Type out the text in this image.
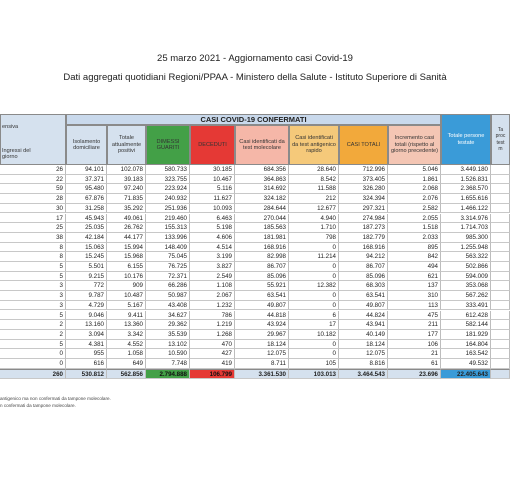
25 marzo 2021 - Aggiornamento casi Covid-19
Dati aggregati quotidiani Regioni/PPAA - Ministero della Salute - Istituto Superiore di Sanità
ensiva
Ingressi del giorno
CASI COVID-19 CONFERMATI
Isolamento domiciliare
Totale attualmente positivi
DIMESSI GUARITI
DECEDUTI
Casi identificati da test molecolare
Casi identificati da test antigenico rapido
CASI TOTALI
Incremento casi totali (rispetto al giorno precedente)
Totale persone testate
Ta proc test m
26	94.101	102.078	580.733	30.185	684.356	28.640	712.996	5.046	3.449.180
22	37.371	39.183	323.755	10.467	364.863	8.542	373.405	1.861	1.526.831
59	95.480	97.240	223.924	5.116	314.692	11.588	326.280	2.068	2.368.570
28	67.876	71.835	240.932	11.627	324.182	212	324.394	2.076	1.655.616
30	31.258	35.292	251.936	10.093	284.644	12.677	297.321	2.582	1.466.122
17	45.943	49.061	219.460	6.463	270.044	4.940	274.984	2.055	3.314.976
25	25.035	26.762	155.313	5.198	185.563	1.710	187.273	1.518	1.714.703
38	42.184	44.177	133.996	4.606	181.981	798	182.779	2.033	985.300
8	15.063	15.994	148.409	4.514	168.916	0	168.916	895	1.255.948
8	15.245	15.968	75.045	3.199	82.998	11.214	94.212	842	563.322
5	5.501	6.155	76.725	3.827	86.707	0	86.707	494	502.866
5	9.215	10.176	72.371	2.549	85.096	0	85.096	621	594.009
3	772	909	66.286	1.108	55.921	12.382	68.303	137	353.068
3	9.787	10.487	50.987	2.067	63.541	0	63.541	310	567.262
3	4.729	5.167	43.408	1.232	49.807	0	49.807	113	333.491
5	9.046	9.411	34.627	786	44.818	6	44.824	475	612.428
2	13.160	13.360	29.362	1.219	43.924	17	43.941	211	582.144
2	3.094	3.342	35.539	1.268	29.967	10.182	40.149	177	181.929
5	4.381	4.552	13.102	470	18.124	0	18.124	106	164.804
0	955	1.058	10.590	427	12.075	0	12.075	21	163.542
0	616	649	7.748	419	8.711	105	8.816	61	49.532
260	530.812	562.856	2.794.888	106.799	3.361.530	103.013	3.464.543	23.696	22.405.643
antigenico ma non confermati da tampone molecolare.
n confermati da tampone molecolare.
